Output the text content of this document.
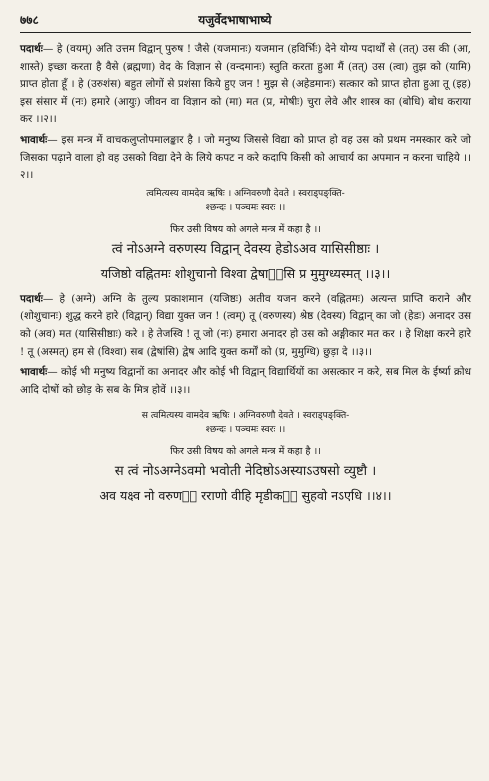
७७८	यजुर्वेदभाषाभाष्ये
पदार्थः— हे (वयम्) अति उत्तम विद्वान् पुरुष ! जैसे (यजमानः) यजमान (हविर्भिः) देने योग्य पदार्थों से (तत्) उस की (आ, शास्ते) इच्छा करता है वैसे (ब्रह्मणा) वेद के विज्ञान से (वन्दमानः) स्तुति करता हुआ मैं (तत्) उस (त्वा) तुझ को (यामि) प्राप्त होता हूँ । हे (उरुशंस) बहुत लोगों से प्रशंसा किये हुए जन ! मुझ से (अहेडमानः) सत्कार को प्राप्त होता हुआ तू (इह) इस संसार में (नः) हमारे (आयुः) जीवन वा विज्ञान को (मा) मत (प्र, मोषीः) चुरा लेवे और शास्त्र का (बोधि) बोध कराया कर ।।२।।
भावार्थः— इस मन्त्र में वाचकलुप्तोपमालङ्कार है । जो मनुष्य जिससे विद्या को प्राप्त हो वह उस को प्रथम नमस्कार करे जो जिसका पढ़ाने वाला हो वह उसको विद्या देने के लिये कपट न करे कदापि किसी को आचार्य का अपमान न करना चाहिये ।।२।।
त्वमित्यस्य वामदेव ऋषिः । अग्निवरुणौ देवते । स्वराड्पङ्क्ति-
श्छन्दः । पञ्चमः स्वरः ।।
फिर उसी विषय को अगले मन्त्र में कहा है ।।
त्वं नोऽअग्ने वरुणस्य विद्वान् देवस्य हेडोऽअव यासिसीष्ठाः ।
यजिष्ठो वह्नितमः शोशुचानो विश्वा द्वेषाᳬंसि प्र मुमुग्ध्यस्मत् ।।३।।
पदार्थः— हे (अग्ने) अग्नि के तुल्य प्रकाशमान (यजिष्ठः) अतीव यजन करने (वह्नितमः) अत्यन्त प्राप्ति कराने और (शोशुचानः) शुद्ध करने हारे (विद्वान्) विद्या युक्त जन ! (त्वम्) तू (वरुणस्य) श्रेष्ठ (देवस्य) विद्वान् का जो (हेडः) अनादर उस को (अव) मत (यासिसीष्ठाः) करे । हे तेजस्वि ! तू जो (नः) हमारा अनादर हो उस को अङ्गीकार मत कर । हे शिक्षा करने हारे ! तू (अस्मत्) हम से (विश्वा) सब (द्वेषांसि) द्वेष आदि युक्त कर्मों को (प्र, मुमुग्धि) छुड़ा दे ।।३।।
भावार्थः— कोई भी मनुष्य विद्वानों का अनादर और कोई भी विद्वान् विद्यार्थियों का असत्कार न करे, सब मिल के ईर्ष्या क्रोध आदि दोषों को छोड़ के सब के मित्र होवें ।।३।।
स त्वमित्यस्य वामदेव ऋषिः । अग्निवरुणौ देवते । स्वराड्पङ्क्ति-
श्छन्दः । पञ्चमः स्वरः ।।
फिर उसी विषय को अगले मन्त्र में कहा है ।।
स त्वं नोऽअग्नेऽवमो भवोती नेदिष्ठोऽअस्याऽउषसो व्युष्टौ ।
अव यक्ष्व नो वरुणᳬं रराणो वीहि मृडीकᳬं सुहवो नऽएधि ।।४।।
